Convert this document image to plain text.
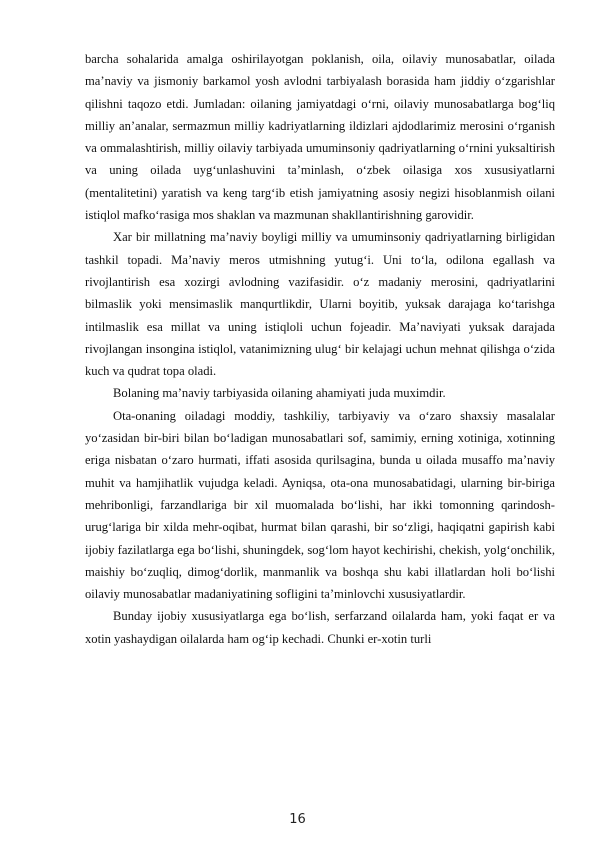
barcha sohalarida amalga oshirilayotgan poklanish, oila, oilaviy munosabatlar, oilada ma’naviy va jismoniy barkamol yosh avlodni tarbiyalash borasida ham jiddiy o‘zgarishlar qilishni taqozo etdi. Jumladan: oilaning jamiyatdagi o‘rni, oilaviy munosabatlarga bog‘liq milliy an’analar, sermazmun milliy kadriyatlarning ildizlari ajdodlarimiz merosini o‘rganish va ommalashtirish, milliy oilaviy tarbiyada umuminsoniy qadriyatlarning o‘rnini yuksaltirish va uning oilada uyg‘unlashuvini ta’minlash, o‘zbek oilasiga xos xususiyatlarni (mentalitetini) yaratish va keng targ‘ib etish jamiyatning asosiy negizi hisoblanmish oilani istiqlol mafko‘rasiga mos shaklan va mazmunan shakllantirishning garovidir.

Xar bir millatning ma’naviy boyligi milliy va umuminsoniy qadriyatlarning birligidan tashkil topadi. Ma’naviy meros utmishning yutug‘i. Uni to‘la, odilona egallash va rivojlantirish esa xozirgi avlodning vazifasidir. o‘z madaniy merosini, qadriyatlarini bilmaslik yoki mensimaslik manqurtlikdir, Ularni boyitib, yuksak darajaga ko‘tarishga intilmaslik esa millat va uning istiqloli uchun fojeadir. Ma’naviyati yuksak darajada rivojlangan insongina istiqlol, vatanimizning ulug‘ bir kelajagi uchun mehnat qilishga o‘zida kuch va qudrat topa oladi.

Bolaning ma’naviy tarbiyasida oilaning ahamiyati juda muximdir.

Ota-onaning oiladagi moddiy, tashkiliy, tarbiyaviy va o‘zaro shaxsiy masalalar yo‘zasidan bir-biri bilan bo‘ladigan munosabatlari sof, samimiy, erning xotiniga, xotinning eriga nisbatan o‘zaro hurmati, iffati asosida qurilsagina, bunda u oilada musaffo ma’naviy muhit va hamjihatlik vujudga keladi. Ayniqsa, ota-ona munosabatidagi, ularning bir-biriga mehribonligi, farzandlariga bir xil muomalada bo‘lishi, har ikki tomonning qarindosh-urug‘lariga bir xilda mehr-oqibat, hurmat bilan qarashi, bir so‘zligi, haqiqatni gapirish kabi ijobiy fazilatlarga ega bo‘lishi, shuningdek, sog‘lom hayot kechirishi, chekish, yolg‘onchilik, maishiy bo‘zuqliq, dimog‘dorlik, manmanlik va boshqa shu kabi illatlardan holi bo‘lishi oilaviy munosabatlar madaniyatining sofligini ta’minlovchi xususiyatlardir.

Bunday ijobiy xususiyatlarga ega bo‘lish, serfarzand oilalarda ham, yoki faqat er va xotin yashaydigan oilalarda ham og‘ip kechadi. Chunki er-xotin turli

16
